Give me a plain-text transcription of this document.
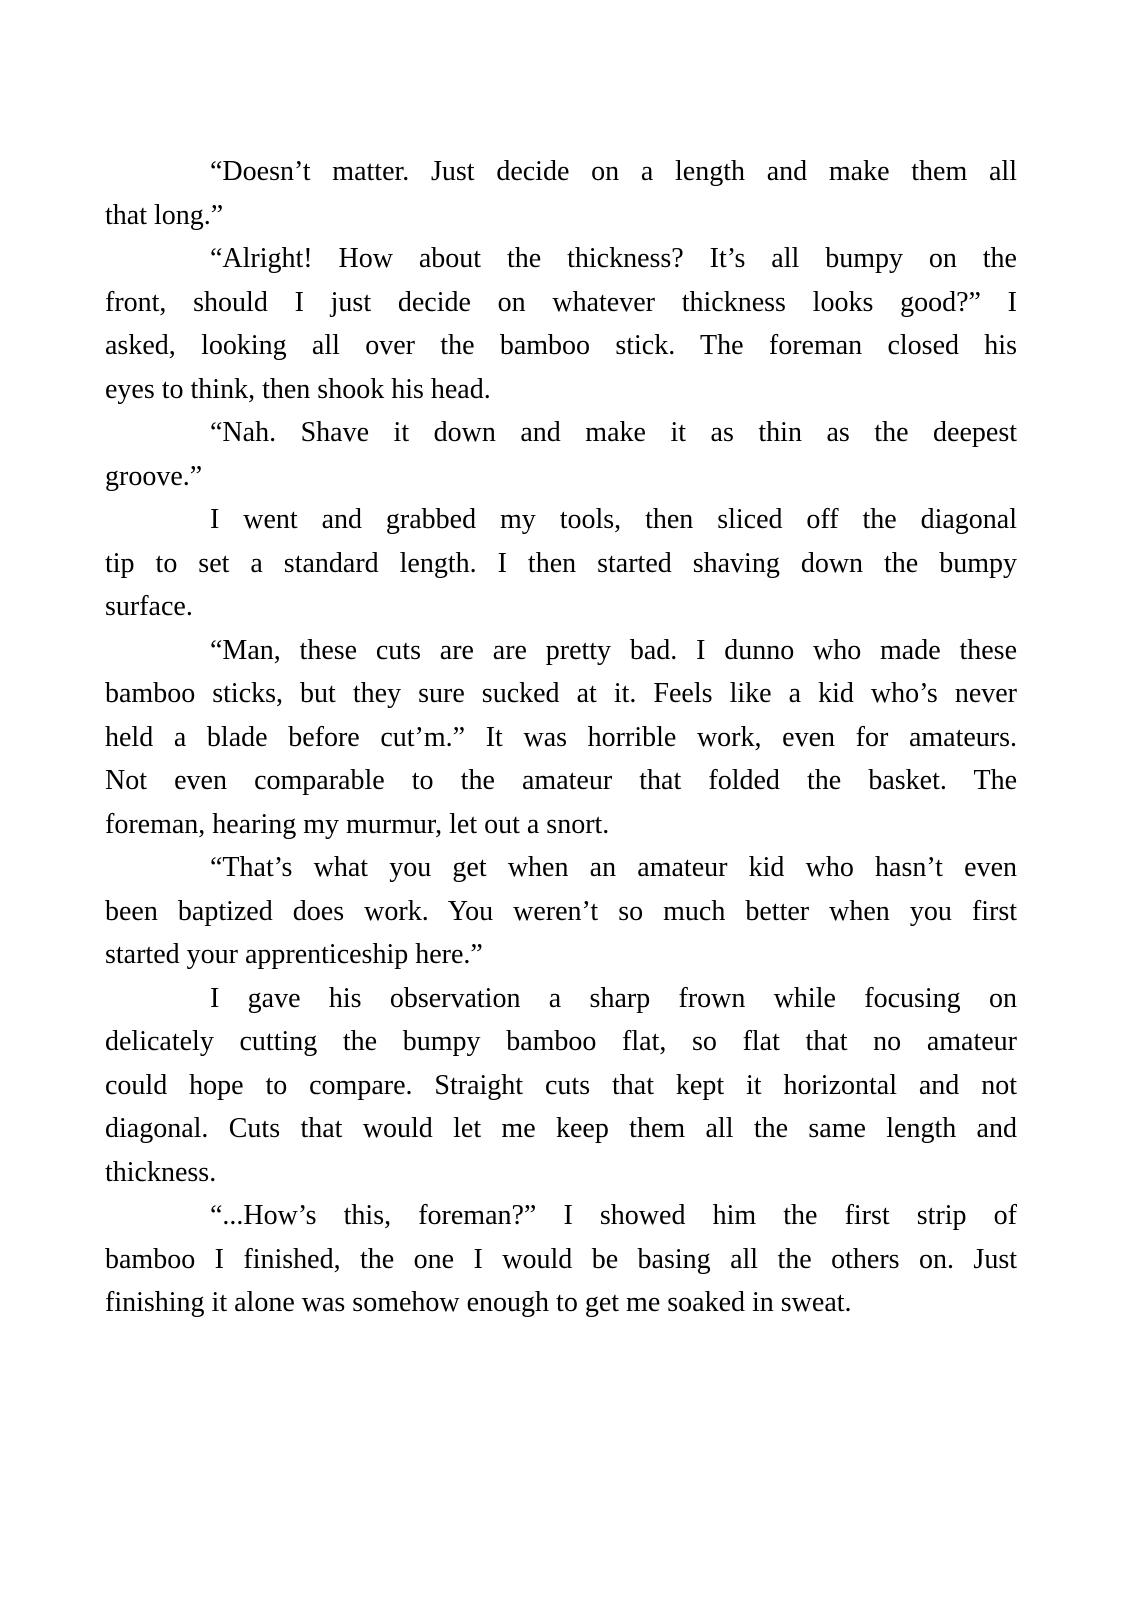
“Doesn’t matter. Just decide on a length and make them all
that long.”
“Alright! How about the thickness? It’s all bumpy on the
front, should I just decide on whatever thickness looks good?” I
asked, looking all over the bamboo stick. The foreman closed his
eyes to think, then shook his head.
“Nah. Shave it down and make it as thin as the deepest
groove.”
I went and grabbed my tools, then sliced off the diagonal
tip to set a standard length. I then started shaving down the bumpy
surface.
“Man, these cuts are are pretty bad. I dunno who made these
bamboo sticks, but they sure sucked at it. Feels like a kid who’s never
held a blade before cut’m.” It was horrible work, even for amateurs.
Not even comparable to the amateur that folded the basket. The
foreman, hearing my murmur, let out a snort.
“That’s what you get when an amateur kid who hasn’t even
been baptized does work. You weren’t so much better when you first
started your apprenticeship here.”
I gave his observation a sharp frown while focusing on
delicately cutting the bumpy bamboo flat, so flat that no amateur
could hope to compare. Straight cuts that kept it horizontal and not
diagonal. Cuts that would let me keep them all the same length and
thickness.
“...How’s this, foreman?” I showed him the first strip of
bamboo I finished, the one I would be basing all the others on. Just
finishing it alone was somehow enough to get me soaked in sweat.
